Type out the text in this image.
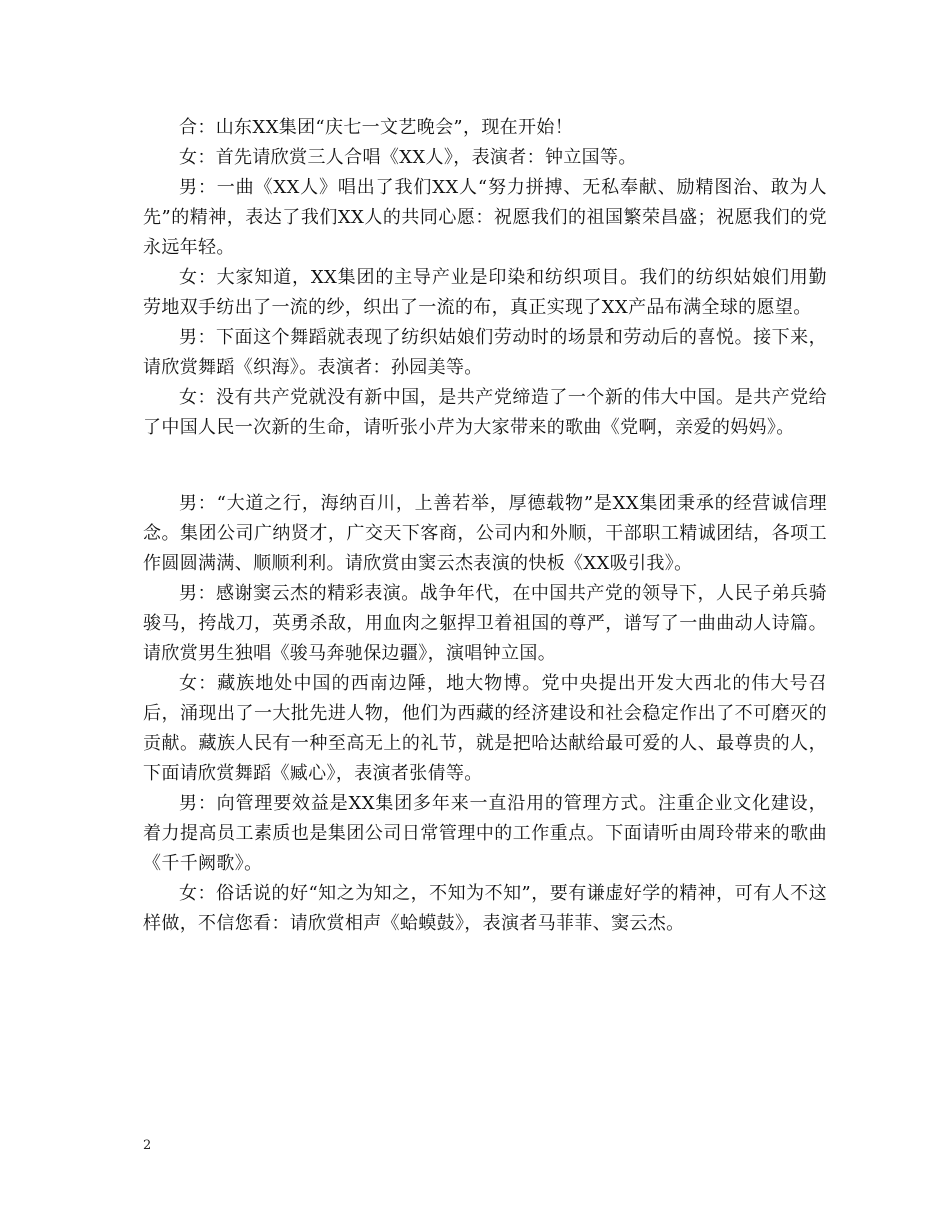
合：山东XX集团“庆七一文艺晚会”，现在开始！

女：首先请欣赏三人合唱《XX人》，表演者：钟立国等。

男：一曲《XX人》唱出了我们XX人“努力拼搏、无私奉献、励精图治、敢为人先”的精神，表达了我们XX人的共同心愿：祝愿我们的祖国繁荣昌盛；祝愿我们的党永远年轻。

女：大家知道，XX集团的主导产业是印染和纺织项目。我们的纺织姑娘们用勤劳地双手纺出了一流的纱，织出了一流的布，真正实现了XX产品布满全球的愿望。

男：下面这个舞蹈就表现了纺织姑娘们劳动时的场景和劳动后的喜悦。接下来，请欣赏舞蹈《织海》。表演者：孙园美等。

女：没有共产党就没有新中国，是共产党缔造了一个新的伟大中国。是共产党给了中国人民一次新的生命，请听张小芹为大家带来的歌曲《党啊，亲爱的妈妈》。

男：“大道之行，海纳百川，上善若举，厚德载物”是XX集团秉承的经营诚信理念。集团公司广纳贤才，广交天下客商，公司内和外顺，干部职工精诚团结，各项工作圆圆满满、顺顺利利。请欣赏由窦云杰表演的快板《XX吸引我》。

男：感谢窦云杰的精彩表演。战争年代，在中国共产党的领导下，人民子弟兵骑骏马，挎战刀，英勇杀敌，用血肉之躯捍卫着祖国的尊严，谱写了一曲曲动人诗篇。请欣赏男生独唱《骏马奔驰保边疆》，演唱钟立国。

女：藏族地处中国的西南边陲，地大物博。党中央提出开发大西北的伟大号召后，涌现出了一大批先进人物，他们为西藏的经济建设和社会稳定作出了不可磨灭的贡献。藏族人民有一种至高无上的礼节，就是把哈达献给最可爱的人、最尊贵的人，下面请欣赏舞蹈《臧心》，表演者张倩等。

男：向管理要效益是XX集团多年来一直沿用的管理方式。注重企业文化建设，着力提高员工素质也是集团公司日常管理中的工作重点。下面请听由周玲带来的歌曲《千千阙歌》。

女：俗话说的好“知之为知之，不知为不知”，要有谦虚好学的精神，可有人不这样做，不信您看：请欣赏相声《蛤蟆鼓》，表演者马菲菲、窦云杰。

2
